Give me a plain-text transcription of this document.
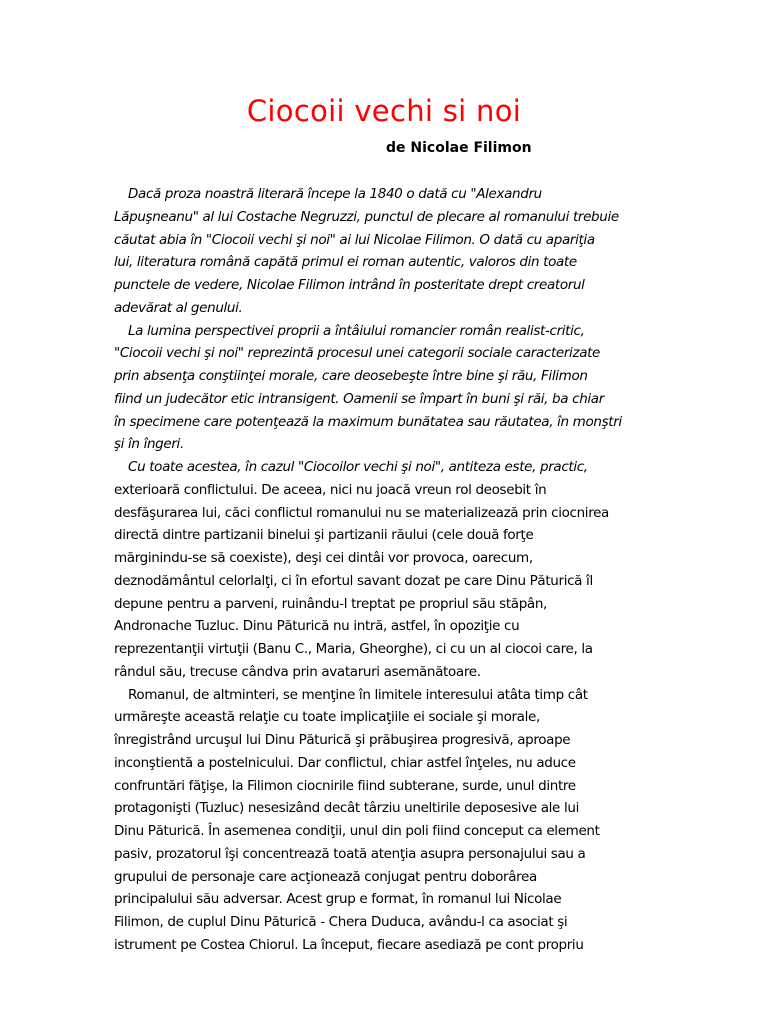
Ciocoii vechi si noi
de Nicolae Filimon
Dacă proza noastră literară începe la 1840 o dată cu "Alexandru
Lăpuşneanu" al lui Costache Negruzzi, punctul de plecare al romanului trebuie
căutat abia în "Ciocoii vechi şi noi" ai lui Nicolae Filimon. O dată cu apariţia
lui, literatura română capătă primul ei roman autentic, valoros din toate
punctele de vedere, Nicolae Filimon intrând în posteritate drept creatorul
adevărat al genului.
La lumina perspectivei proprii a întâiului romancier român realist-critic,
"Ciocoii vechi şi noi" reprezintă procesul unei categorii sociale caracterizate
prin absenţa conştiinţei morale, care deosebeşte între bine şi rău, Filimon
fiind un judecător etic intransigent. Oamenii se împart în buni şi răi, ba chiar
în specimene care potenţează la maximum bunătatea sau răutatea, în monştri
şi în îngeri.
Cu toate acestea, în cazul "Ciocoilor vechi şi noi", antiteza este, practic,
exterioară conflictului. De aceea, nici nu joacă vreun rol deosebit în
desfăşurarea lui, căci conflictul romanului nu se materializează prin ciocnirea
directă dintre partizanii binelui şi partizanii răului (cele două forţe
mărginindu-se să coexiste), deşi cei dintâi vor provoca, oarecum,
deznodământul celorlalţi, ci în efortul savant dozat pe care Dinu Păturică îl
depune pentru a parveni, ruinându-l treptat pe propriul său stăpân,
Andronache Tuzluc. Dinu Păturică nu intră, astfel, în opoziţie cu
reprezentanţii virtuţii (Banu C., Maria, Gheorghe), ci cu un al ciocoi care, la
rândul său, trecuse cândva prin avataruri asemănătoare.
Romanul, de altminteri, se menţine în limitele interesului atâta timp cât
urmăreşte această relaţie cu toate implicaţiile ei sociale şi morale,
înregistrând urcuşul lui Dinu Păturică şi prăbuşirea progresivă, aproape
inconştientă a postelnicului. Dar conflictul, chiar astfel înţeles, nu aduce
confruntări făţişe, la Filimon ciocnirile fiind subterane, surde, unul dintre
protagonişti (Tuzluc) nesesizând decât târziu uneltirile deposesive ale lui
Dinu Păturică. În asemenea condiţii, unul din poli fiind conceput ca element
pasiv, prozatorul îşi concentrează toată atenţia asupra personajului sau a
grupului de personaje care acţionează conjugat pentru doborârea
principalului său adversar. Acest grup e format, în romanul lui Nicolae
Filimon, de cuplul Dinu Păturică - Chera Duduca, avându-l ca asociat şi
istrument pe Costea Chiorul. La început, fiecare asediază pe cont propriu
